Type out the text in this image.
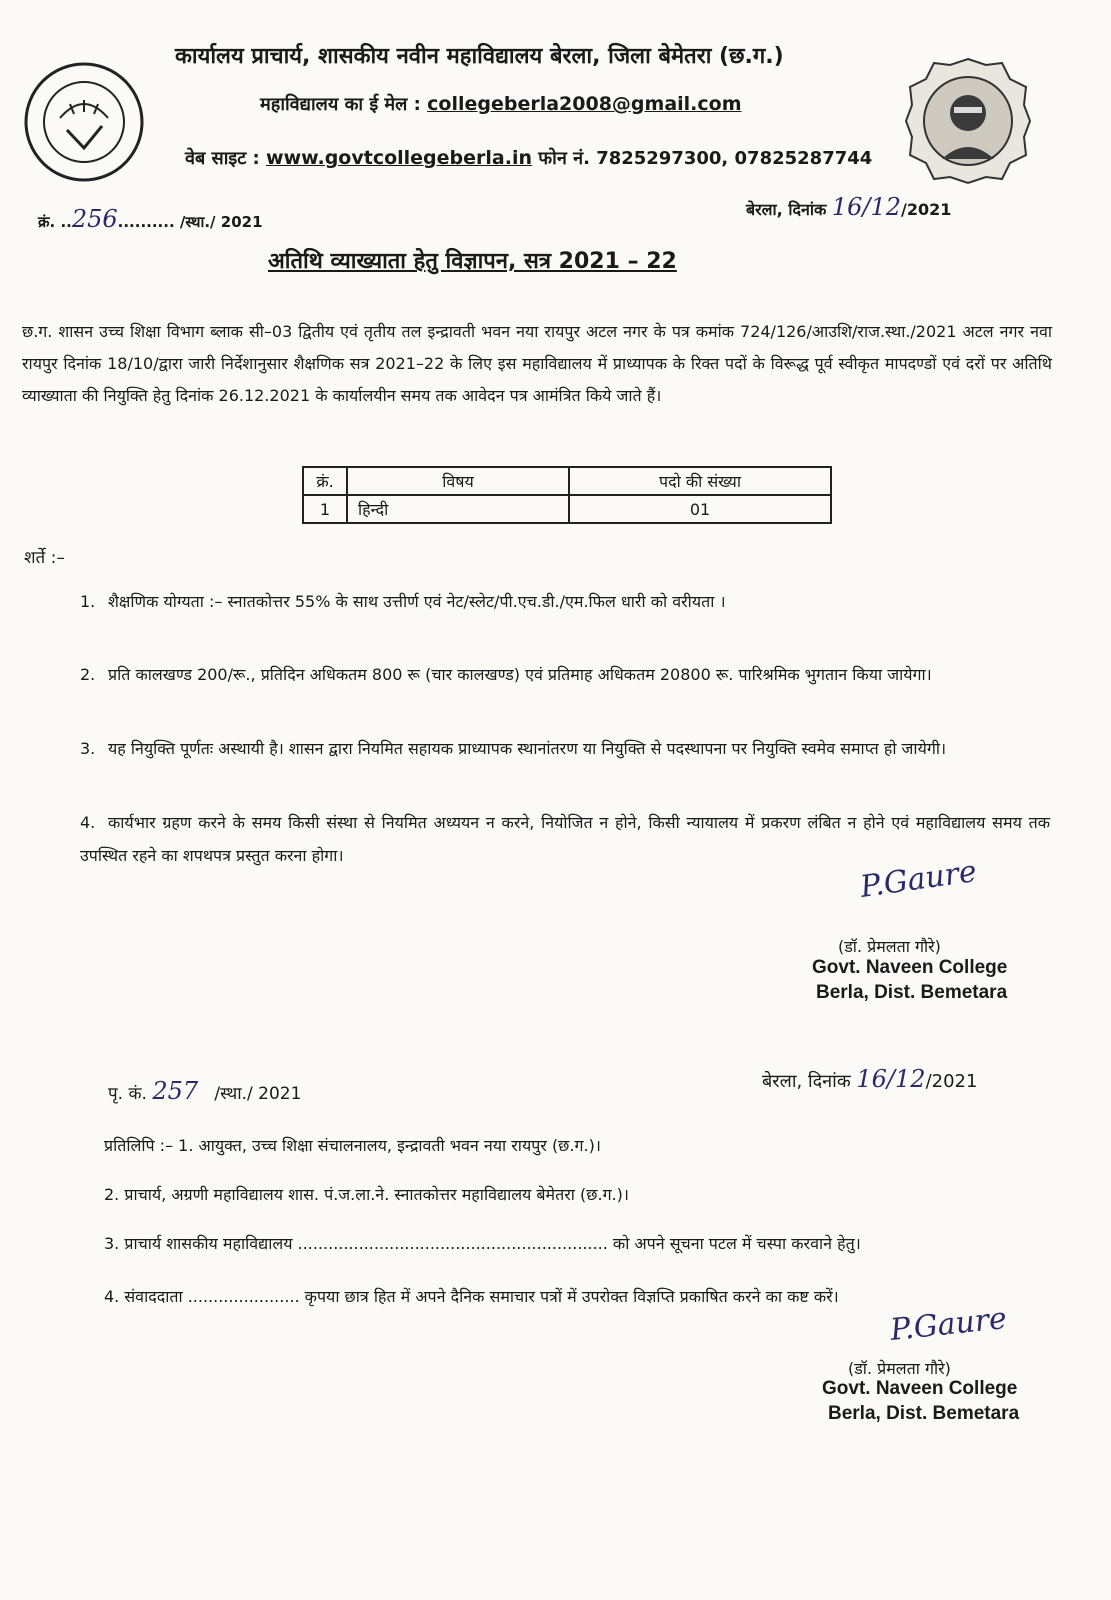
कार्यालय प्राचार्य, शासकीय नवीन महाविद्यालय बेरला, जिला बेमेतरा (छ.ग.)
महाविद्यालय का ई मेल : collegeberla2008@gmail.com
वेब साइट : www.govtcollegeberla.in फोन नं. 7825297300, 07825287744
क्रं. ..256.......... /स्था./ 2021
बेरला, दिनांक 16/12/2021
अतिथि व्याख्याता हेतु विज्ञापन, सत्र 2021 – 22
छ.ग. शासन उच्च शिक्षा विभाग ब्लाक सी–03 द्वितीय एवं तृतीय तल इन्द्रावती भवन नया रायपुर अटल नगर के पत्र कमांक 724/126/आउशि/राज.स्था./2021 अटल नगर नवा रायपुर दिनांक 18/10/द्वारा जारी निर्देशानुसार शैक्षणिक सत्र 2021–22 के लिए इस महाविद्यालय में प्राध्यापक के रिक्त पदों के विरूद्ध पूर्व स्वीकृत मापदण्डों एवं दरों पर अतिथि व्याख्याता की नियुक्ति हेतु दिनांक 26.12.2021 के कार्यालयीन समय तक आवेदन पत्र आमंत्रित किये जाते हैं।
क्रं.	विषय	पदो की संख्या
1	हिन्दी	01
शर्ते :–
1. शैक्षणिक योग्यता :– स्नातकोत्तर 55% के साथ उत्तीर्ण एवं नेट/स्लेट/पी.एच.डी./एम.फिल धारी को वरीयता ।
2. प्रति कालखण्ड 200/रू., प्रतिदिन अधिकतम 800 रू (चार कालखण्ड) एवं प्रतिमाह अधिकतम 20800 रू. पारिश्रमिक भुगतान किया जायेगा।
3. यह नियुक्ति पूर्णतः अस्थायी है। शासन द्वारा नियमित सहायक प्राध्यापक स्थानांतरण या नियुक्ति से पदस्थापना पर नियुक्ति स्वमेव समाप्त हो जायेगी।
4. कार्यभार ग्रहण करने के समय किसी संस्था से नियमित अध्ययन न करने, नियोजित न होने, किसी न्यायालय में प्रकरण लंबित न होने एवं महाविद्यालय समय तक उपस्थित रहने का शपथपत्र प्रस्तुत करना होगा।	P.Gaure
(डॉ. प्रेमलता गौरे)
Govt. Naveen College
Berla, Dist. Bemetara
पृ. कं. 257 /स्था./ 2021
बेरला, दिनांक 16/12/2021
प्रतिलिपि :– 1. आयुक्त, उच्च शिक्षा संचालनालय, इन्द्रावती भवन नया रायपुर (छ.ग.)।
2. प्राचार्य, अग्रणी महाविद्यालय शास. पं.ज.ला.ने. स्नातकोत्तर महाविद्यालय बेमेतरा (छ.ग.)।
3. प्राचार्य शासकीय महाविद्यालय ............................................................. को अपने सूचना पटल में चस्पा करवाने हेतु।
4. संवाददाता ...................... कृपया छात्र हित में अपने दैनिक समाचार पत्रों में उपरोक्त विज्ञप्ति प्रकाषित करने का कष्ट करें।
P.Gaure
(डॉ. प्रेमलता गौरे)
Govt. Naveen College
Berla, Dist. Bemetara
